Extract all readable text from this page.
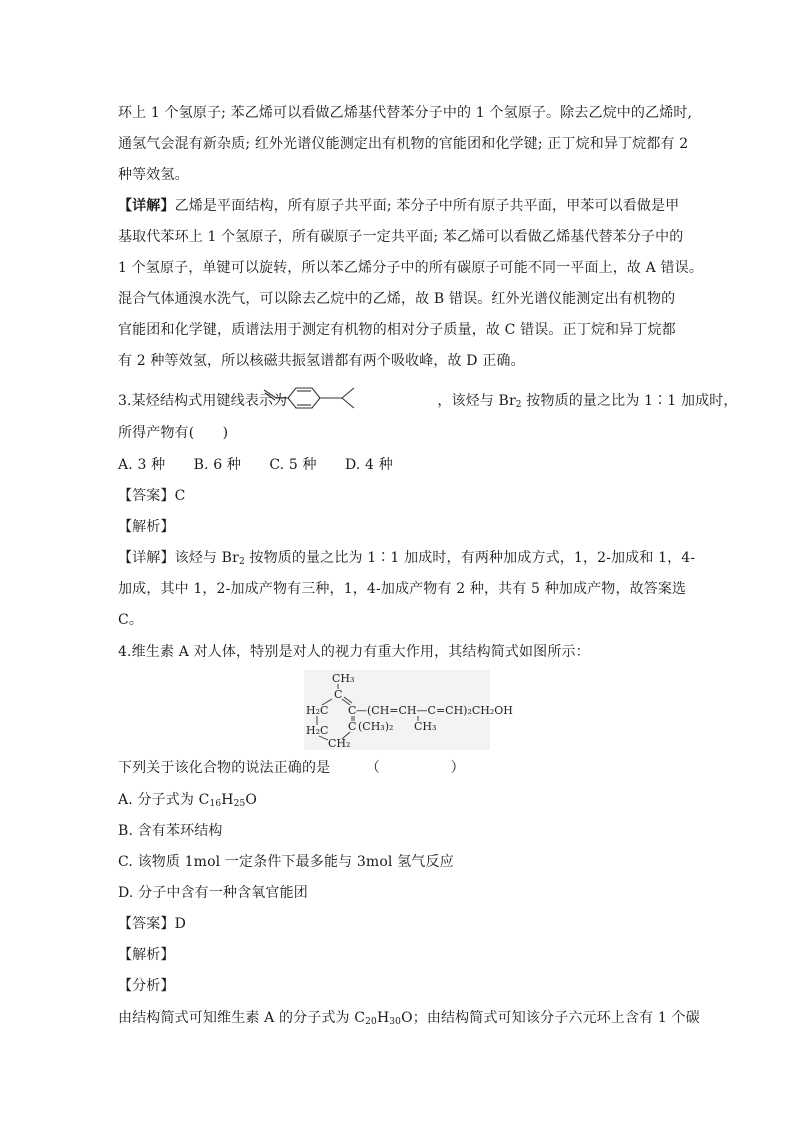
环上 1 个氢原子; 苯乙烯可以看做乙烯基代替苯分子中的 1 个氢原子。除去乙烷中的乙烯时,
通氢气会混有新杂质; 红外光谱仪能测定出有机物的官能团和化学键; 正丁烷和异丁烷都有 2
种等效氢。
【详解】乙烯是平面结构，所有原子共平面; 苯分子中所有原子共平面，甲苯可以看做是甲
基取代苯环上 1 个氢原子，所有碳原子一定共平面; 苯乙烯可以看做乙烯基代替苯分子中的
1 个氢原子，单键可以旋转，所以苯乙烯分子中的所有碳原子可能不同一平面上，故 A 错误。
混合气体通溴水洗气，可以除去乙烷中的乙烯，故 B 错误。红外光谱仪能测定出有机物的
官能团和化学键，质谱法用于测定有机物的相对分子质量，故 C 错误。正丁烷和异丁烷都
有 2 种等效氢，所以核磁共振氢谱都有两个吸收峰，故 D 正确。
3.某烃结构式用键线表示为	，该烃与 $Br_2$ 按物质的量之比为 1∶1 加成时，
所得产物有(　　)
A. 3 种　　B. 6 种　　C. 5 种　　D. 4 种
【答案】C
【解析】
【详解】该烃与 $Br_2$ 按物质的量之比为 1∶1 加成时，有两种加成方式，1，2-加成和 1，4-
加成，其中 1，2-加成产物有三种，1，4-加成产物有 2 种，共有 5 种加成产物，故答案选
C。
4.维生素 A 对人体，特别是对人的视力有重大作用，其结构简式如图所示：
CH₃
C
H₂C C —(CH=CH—C=CH)₂CH₂OH
CH₃
H₂C C (CH₃)₂
CH₂
下列关于该化合物的说法正确的是　　　（　　　　　）
A. 分子式为 $C_{16}H_{25}O$
B. 含有苯环结构
C. 该物质 1mol 一定条件下最多能与 3mol 氢气反应
D. 分子中含有一种含氧官能团
【答案】D
【解析】
【分析】
由结构简式可知维生素 A 的分子式为 $C_{20}H_{30}O$；由结构简式可知该分子六元环上含有 1 个碳
